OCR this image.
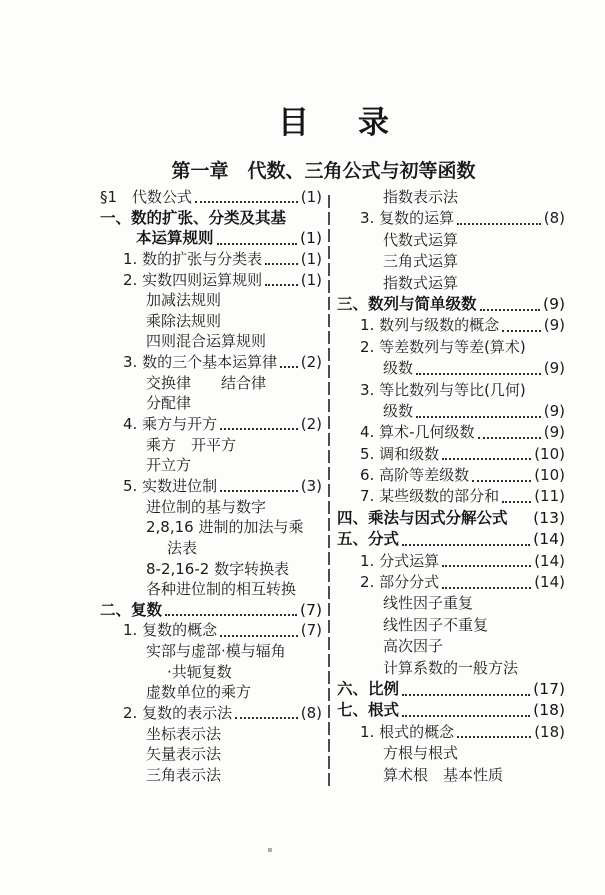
目　录
第一章　代数、三角公式与初等函数
§1　代数公式	(1)
一、数的扩张、分类及其基
本运算规则	(1)
1. 数的扩张与分类表	(1)
2. 实数四则运算规则	(1)
加减法规则
乘除法规则
四则混合运算规则
3. 数的三个基本运算律 (2)
交换律　　结合律
分配律
4. 乘方与开方	(2)
乘方　开平方
开立方
5. 实数进位制	(3)
进位制的基与数字
2,8,16 进制的加法与乘
法表
8-2,16-2 数字转换表
各种进位制的相互转换
二、复数	(7)
1. 复数的概念	(7)
实部与虚部·模与辐角
·共轭复数
虚数单位的乘方
2. 复数的表示法	(8)
坐标表示法
矢量表示法
三角表示法
指数表示法
3. 复数的运算	(8)
代数式运算
三角式运算
指数式运算
三、数列与简单级数	(9)
1. 数列与级数的概念	(9)
2. 等差数列与等差(算术)
级数	(9)
3. 等比数列与等比(几何)
级数	(9)
4. 算术-几何级数	(9)
5. 调和级数	(10)
6. 高阶等差级数	(10)
7. 某些级数的部分和 (11)
四、乘法与因式分解公式 (13)
五、分式	(14)
1. 分式运算	(14)
2. 部分分式	(14)
线性因子重复
线性因子不重复
高次因子
计算系数的一般方法
六、比例	(17)
七、根式	(18)
1. 根式的概念	(18)
方根与根式
算术根　基本性质
